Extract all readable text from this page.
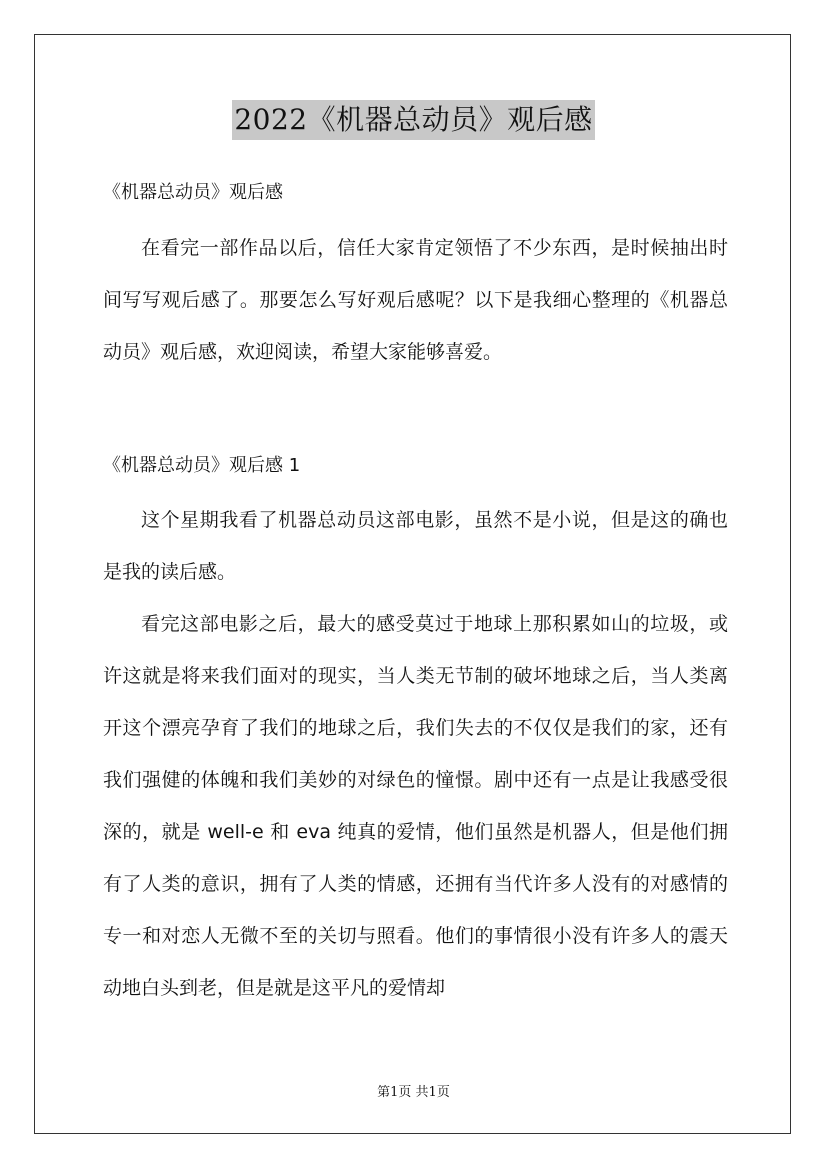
2022《机器总动员》观后感
《机器总动员》观后感
在看完一部作品以后，信任大家肯定领悟了不少东西，是时候抽出时间写写观后感了。那要怎么写好观后感呢？以下是我细心整理的《机器总动员》观后感，欢迎阅读，希望大家能够喜爱。
《机器总动员》观后感 1
这个星期我看了机器总动员这部电影，虽然不是小说，但是这的确也是我的读后感。
看完这部电影之后，最大的感受莫过于地球上那积累如山的垃圾，或许这就是将来我们面对的现实，当人类无节制的破坏地球之后，当人类离开这个漂亮孕育了我们的地球之后，我们失去的不仅仅是我们的家，还有我们强健的体魄和我们美妙的对绿色的憧憬。剧中还有一点是让我感受很深的，就是 well-e 和 eva 纯真的爱情，他们虽然是机器人，但是他们拥有了人类的意识，拥有了人类的情感，还拥有当代许多人没有的对感情的专一和对恋人无微不至的关切与照看。他们的事情很小没有许多人的震天动地白头到老，但是就是这平凡的爱情却
第1页 共1页
